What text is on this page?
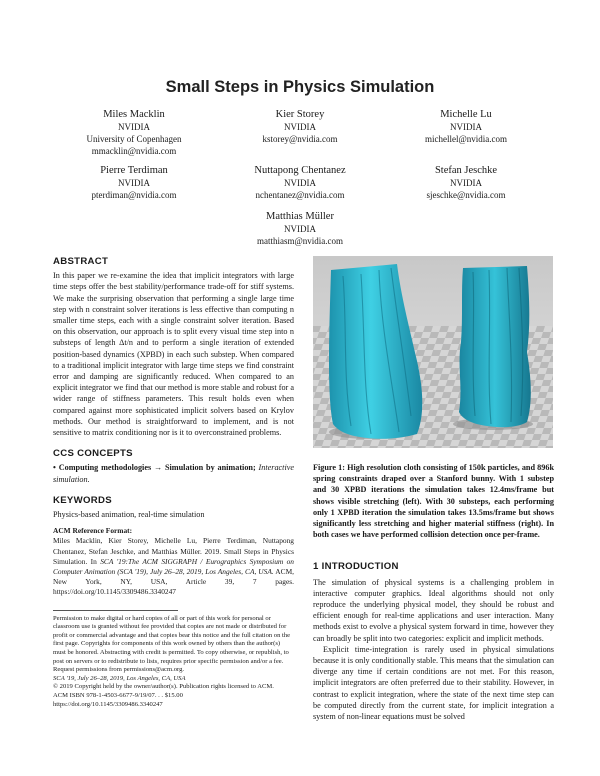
Small Steps in Physics Simulation
Miles Macklin
NVIDIA
University of Copenhagen
mmacklin@nvidia.com
Kier Storey
NVIDIA
kstorey@nvidia.com
Michelle Lu
NVIDIA
michellel@nvidia.com
Pierre Terdiman
NVIDIA
pterdiman@nvidia.com
Nuttapong Chentanez
NVIDIA
nchentanez@nvidia.com
Stefan Jeschke
NVIDIA
sjeschke@nvidia.com
Matthias Müller
NVIDIA
matthiasm@nvidia.com
ABSTRACT
In this paper we re-examine the idea that implicit integrators with large time steps offer the best stability/performance trade-off for stiff systems. We make the surprising observation that performing a single large time step with n constraint solver iterations is less effective than computing n smaller time steps, each with a single constraint solver iteration. Based on this observation, our approach is to split every visual time step into n substeps of length Δt/n and to perform a single iteration of extended position-based dynamics (XPBD) in each such substep. When compared to a traditional implicit integrator with large time steps we find constraint error and damping are significantly reduced. When compared to an explicit integrator we find that our method is more stable and robust for a wider range of stiffness parameters. This result holds even when compared against more sophisticated implicit solvers based on Krylov methods. Our method is straightforward to implement, and is not sensitive to matrix conditioning nor is it to overconstrained problems.
CCS CONCEPTS
• Computing methodologies → Simulation by animation; Interactive simulation.
KEYWORDS
Physics-based animation, real-time simulation
ACM Reference Format:
Miles Macklin, Kier Storey, Michelle Lu, Pierre Terdiman, Nuttapong Chentanez, Stefan Jeschke, and Matthias Müller. 2019. Small Steps in Physics Simulation. In SCA '19:The ACM SIGGRAPH / Eurographics Symposium on Computer Animation (SCA '19), July 26–28, 2019, Los Angeles, CA, USA. ACM, New York, NY, USA, Article 39, 7 pages. https://doi.org/10.1145/3309486.3340247
Permission to make digital or hard copies of all or part of this work for personal or classroom use is granted without fee provided that copies are not made or distributed for profit or commercial advantage and that copies bear this notice and the full citation on the first page. Copyrights for components of this work owned by others than the author(s) must be honored. Abstracting with credit is permitted. To copy otherwise, or republish, to post on servers or to redistribute to lists, requires prior specific permission and/or a fee. Request permissions from permissions@acm.org.
SCA '19, July 26–28, 2019, Los Angeles, CA, USA
© 2019 Copyright held by the owner/author(s). Publication rights licensed to ACM.
ACM ISBN 978-1-4503-6677-9/19/07. . . $15.00
https://doi.org/10.1145/3309486.3340247
Figure 1: High resolution cloth consisting of 150k particles, and 896k spring constraints draped over a Stanford bunny. With 1 substep and 30 XPBD iterations the simulation takes 12.4ms/frame but shows visible stretching (left). With 30 substeps, each performing only 1 XPBD iteration the simulation takes 13.5ms/frame but shows significantly less stretching and higher material stiffness (right). In both cases we have performed collision detection once per-frame.
1 INTRODUCTION
The simulation of physical systems is a challenging problem in interactive computer graphics. Ideal algorithms should not only reproduce the underlying physical model, they should be robust and efficient enough for real-time applications and user interaction. Many methods exist to evolve a physical system forward in time, however they can broadly be split into two categories: explicit and implicit methods.
Explicit time-integration is rarely used in physical simulations because it is only conditionally stable. This means that the simulation can diverge any time if certain conditions are not met. For this reason, implicit integrators are often preferred due to their stability. However, in contrast to explicit integration, where the state of the next time step can be computed directly from the current state, for implicit integration a system of non-linear equations must be solved
